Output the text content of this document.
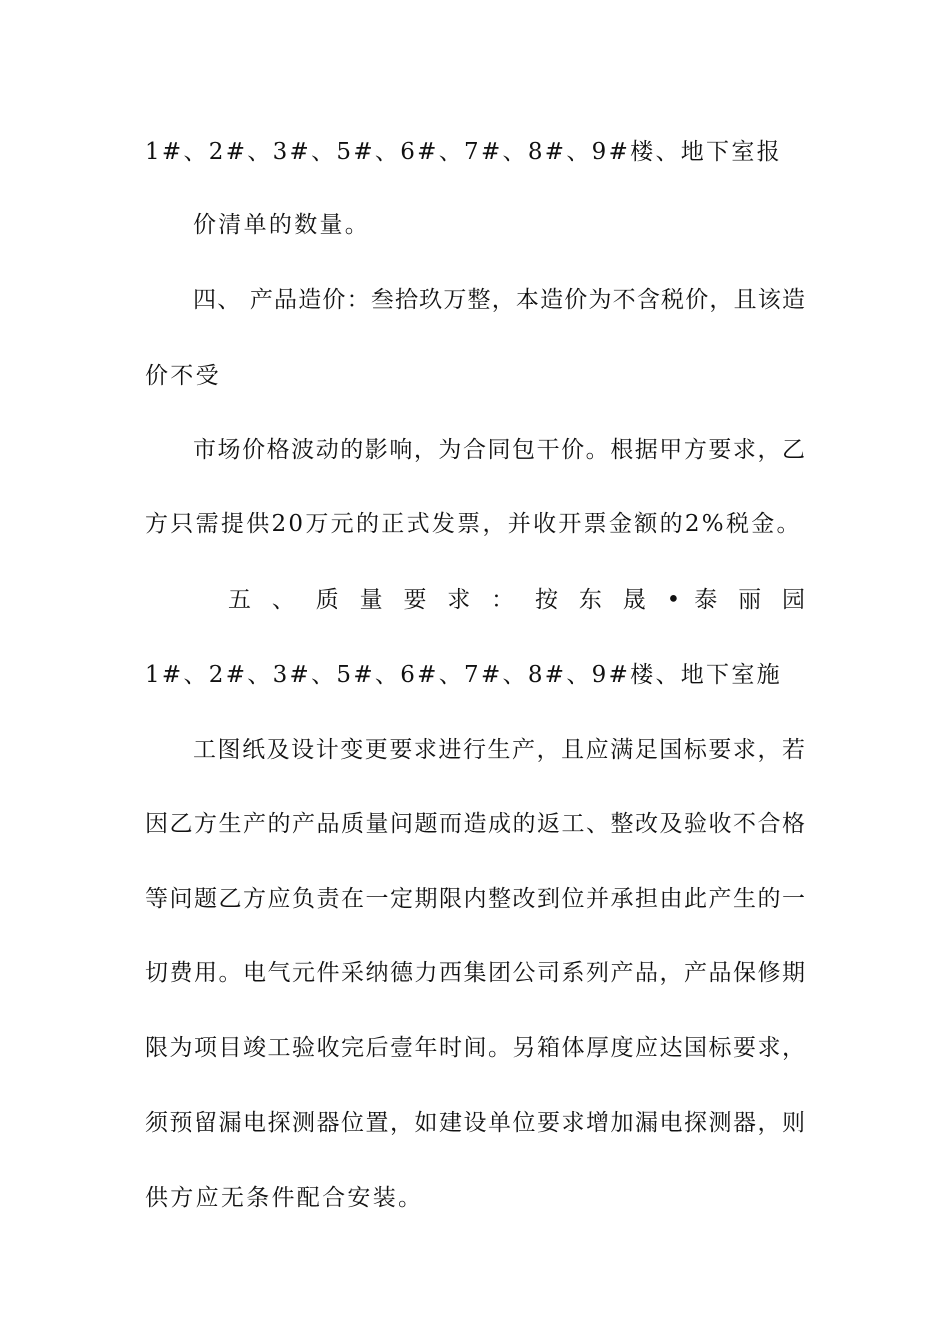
1#、2#、3#、5#、6#、7#、8#、9#楼、地下室报
价清单的数量。
四、 产品造价：叁拾玖万整，本造价为不含税价，且该造
价不受
市场价格波动的影响，为合同包干价。根据甲方要求，乙
方只需提供20万元的正式发票，并收开票金额的2%税金。
五 、 质 量 要 求 ： 按 东 晟 • 泰 丽 园
1#、2#、3#、5#、6#、7#、8#、9#楼、地下室施
工图纸及设计变更要求进行生产，且应满足国标要求，若
因乙方生产的产品质量问题而造成的返工、整改及验收不合格
等问题乙方应负责在一定期限内整改到位并承担由此产生的一
切费用。电气元件采纳德力西集团公司系列产品，产品保修期
限为项目竣工验收完后壹年时间。另箱体厚度应达国标要求，
须预留漏电探测器位置，如建设单位要求增加漏电探测器，则
供方应无条件配合安装。
